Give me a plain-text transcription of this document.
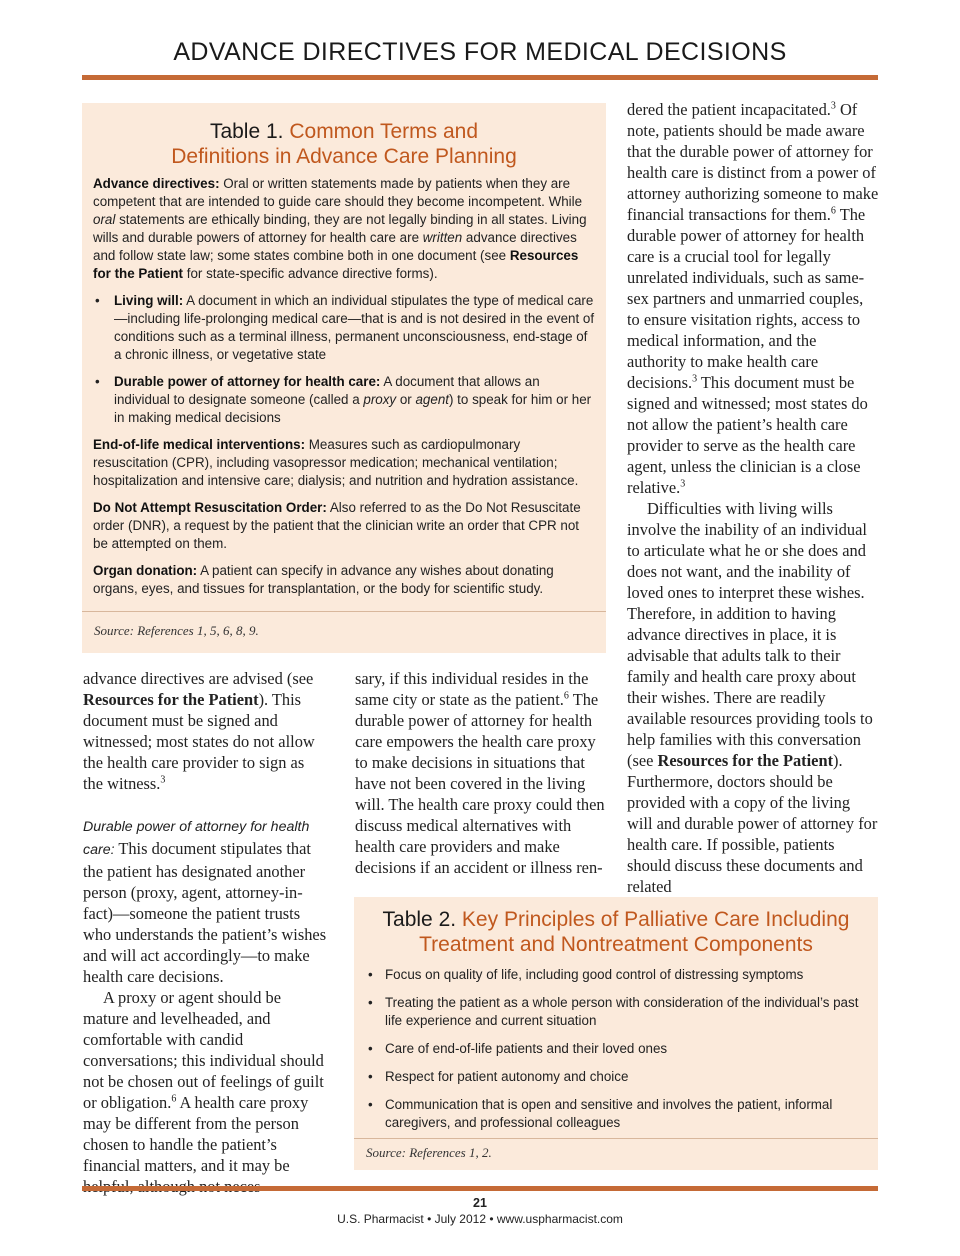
ADVANCE DIRECTIVES FOR MEDICAL DECISIONS
Table 1. Common Terms and
Definitions in Advance Care Planning

Advance directives: Oral or written statements made by patients when they are competent that are intended to guide care should they become incompetent. While oral statements are ethically binding, they are not legally binding in all states. Living wills and durable powers of attorney for health care are written advance directives and follow state law; some states combine both in one document (see Resources for the Patient for state-specific advance directive forms).

• Living will: A document in which an individual stipulates the type of medical care—including life-prolonging medical care—that is and is not desired in the event of conditions such as a terminal illness, permanent unconsciousness, end-stage of a chronic illness, or vegetative state
• Durable power of attorney for health care: A document that allows an individual to designate someone (called a proxy or agent) to speak for him or her in making medical decisions

End-of-life medical interventions: Measures such as cardiopulmonary resuscitation (CPR), including vasopressor medication; mechanical ventilation; hospitalization and intensive care; dialysis; and nutrition and hydration assistance.

Do Not Attempt Resuscitation Order: Also referred to as the Do Not Resuscitate order (DNR), a request by the patient that the clinician write an order that CPR not be attempted on them.

Organ donation: A patient can specify in advance any wishes about donating organs, eyes, and tissues for transplantation, or the body for scientific study.

Source: References 1, 5, 6, 8, 9.

advance directives are advised (see Resources for the Patient). This document must be signed and witnessed; most states do not allow the health care provider to sign as the witness.$^3$

Durable power of attorney for health care: This document stipulates that the patient has designated another person (proxy, agent, attorney-in-fact)—someone the patient trusts who understands the patient’s wishes and will act accordingly—to make health care decisions.

A proxy or agent should be mature and levelheaded, and comfortable with candid conversations; this individual should not be chosen out of feelings of guilt or obligation.$^6$ A health care proxy may be different from the person chosen to handle the patient’s financial matters, and it may be

sary, if this individual resides in the same city or state as the patient.$^6$ The durable power of attorney for health care empowers the health care proxy to make decisions in situations that have not been covered in the living will. The health care proxy could then discuss medical alternatives with health care providers and make decisions if an accident or illness ren-

dered the patient incapacitated.$^3$ Of note, patients should be made aware that the durable power of attorney for health care is distinct from a power of attorney authorizing someone to make financial transactions for them.$^6$ The durable power of attorney for health care is a crucial tool for legally unrelated individuals, such as same-sex partners and unmarried couples, to ensure visitation rights, access to medical information, and the authority to make health care decisions.$^3$ This document must be signed and witnessed; most states do not allow the patient’s health care provider to serve as the health care agent, unless the clinician is a close relative.$^3$

Difficulties with living wills involve the inability of an individual to articulate what he or she does and does not want, and the inability of loved ones to interpret these wishes. Therefore, in addition to having advance directives in place, it is advisable that adults talk to their family and health care proxy about their wishes. There are readily available resources providing tools to help families with this conversation (see Resources for the Patient). Furthermore, doctors should be provided with a copy of the living will and durable power of attorney for health care. If possible, patients should discuss these documents and related

Table 2. Key Principles of Palliative Care Including
Treatment and Nontreatment Components
• Focus on quality of life, including good control of distressing symptoms
• Treating the patient as a whole person with consideration of the individual’s past life experience and current situation
• Care of end-of-life patients and their loved ones
• Respect for patient autonomy and choice
• Communication that is open and sensitive and involves the patient, informal caregivers, and professional colleagues
Source: References 1, 2.
21
U.S. Pharmacist • July 2012 • www.uspharmacist.com
